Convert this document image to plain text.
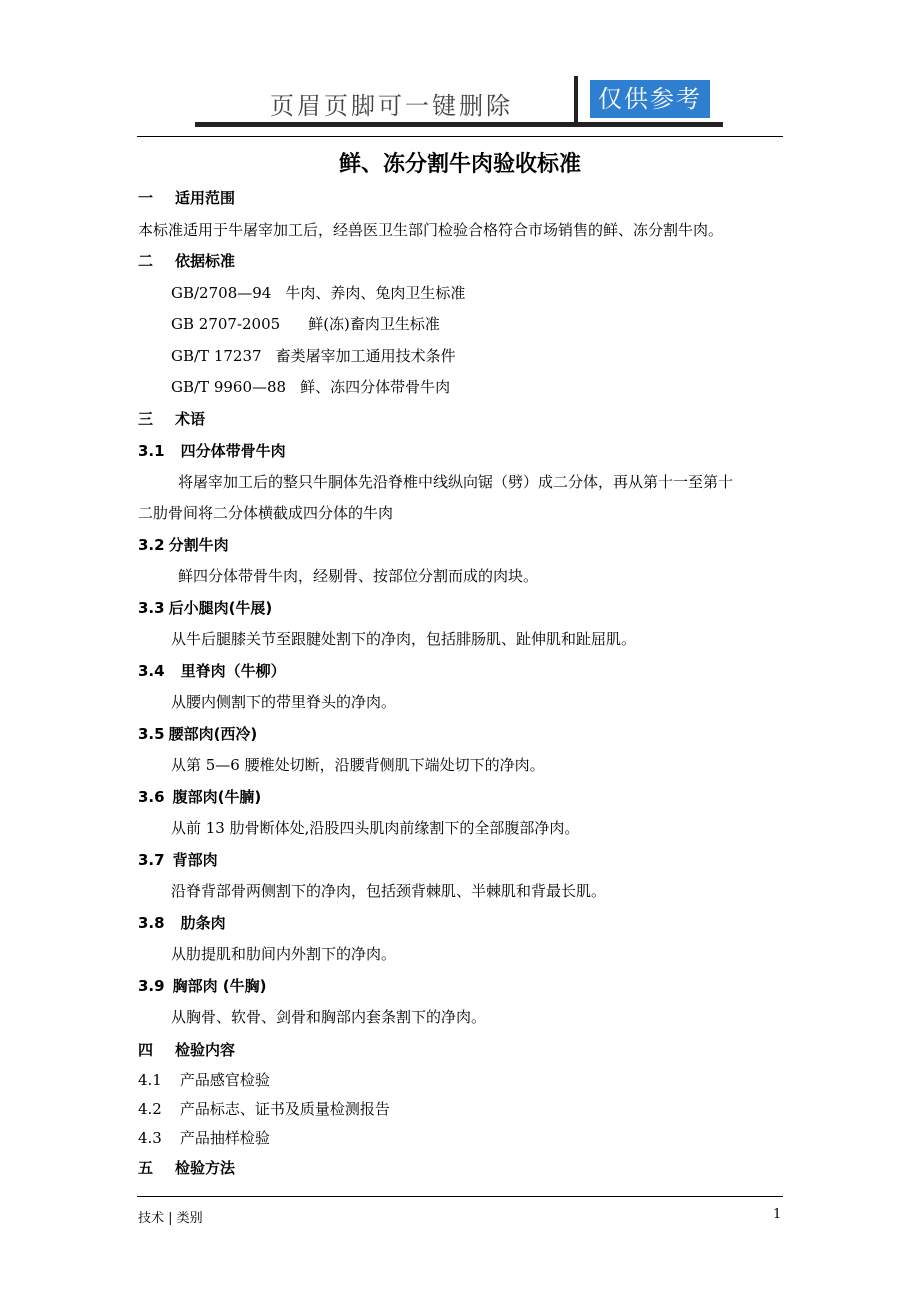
页眉页脚可一键删除	仅供参考
鲜、冻分割牛肉验收标准
一 适用范围
本标准适用于牛屠宰加工后，经兽医卫生部门检验合格符合市场销售的鲜、冻分割牛肉。
二 依据标准
GB/2708—94 牛肉、养肉、兔肉卫生标准
GB 2707-2005 鲜(冻)畜肉卫生标准
GB/T 17237 畜类屠宰加工通用技术条件
GB/T 9960—88 鲜、冻四分体带骨牛肉
三 术语
3.1 四分体带骨牛肉
将屠宰加工后的整只牛胴体先沿脊椎中线纵向锯（劈）成二分体，再从第十一至第十
二肋骨间将二分体横截成四分体的牛肉
3.2 分割牛肉
鲜四分体带骨牛肉，经剔骨、按部位分割而成的肉块。
3.3 后小腿肉(牛展)
从牛后腿膝关节至跟腱处割下的净肉，包括腓肠肌、趾伸肌和趾屈肌。
3.4 里脊肉（牛柳）
从腰内侧割下的带里脊头的净肉。
3.5 腰部肉(西冷)
从第 5—6 腰椎处切断，沿腰背侧肌下端处切下的净肉。
3.6 腹部肉(牛腩)
从前 13 肋骨断体处,沿股四头肌肉前缘割下的全部腹部净肉。
3.7 背部肉
沿脊背部骨两侧割下的净肉，包括颈背棘肌、半棘肌和背最长肌。
3.8 肋条肉
从肋提肌和肋间内外割下的净肉。
3.9 胸部肉 (牛胸)
从胸骨、软骨、剑骨和胸部内套条割下的净肉。
四 检验内容
4.1 产品感官检验
4.2 产品标志、证书及质量检测报告
4.3 产品抽样检验
五 检验方法
技术 | 类别	1
